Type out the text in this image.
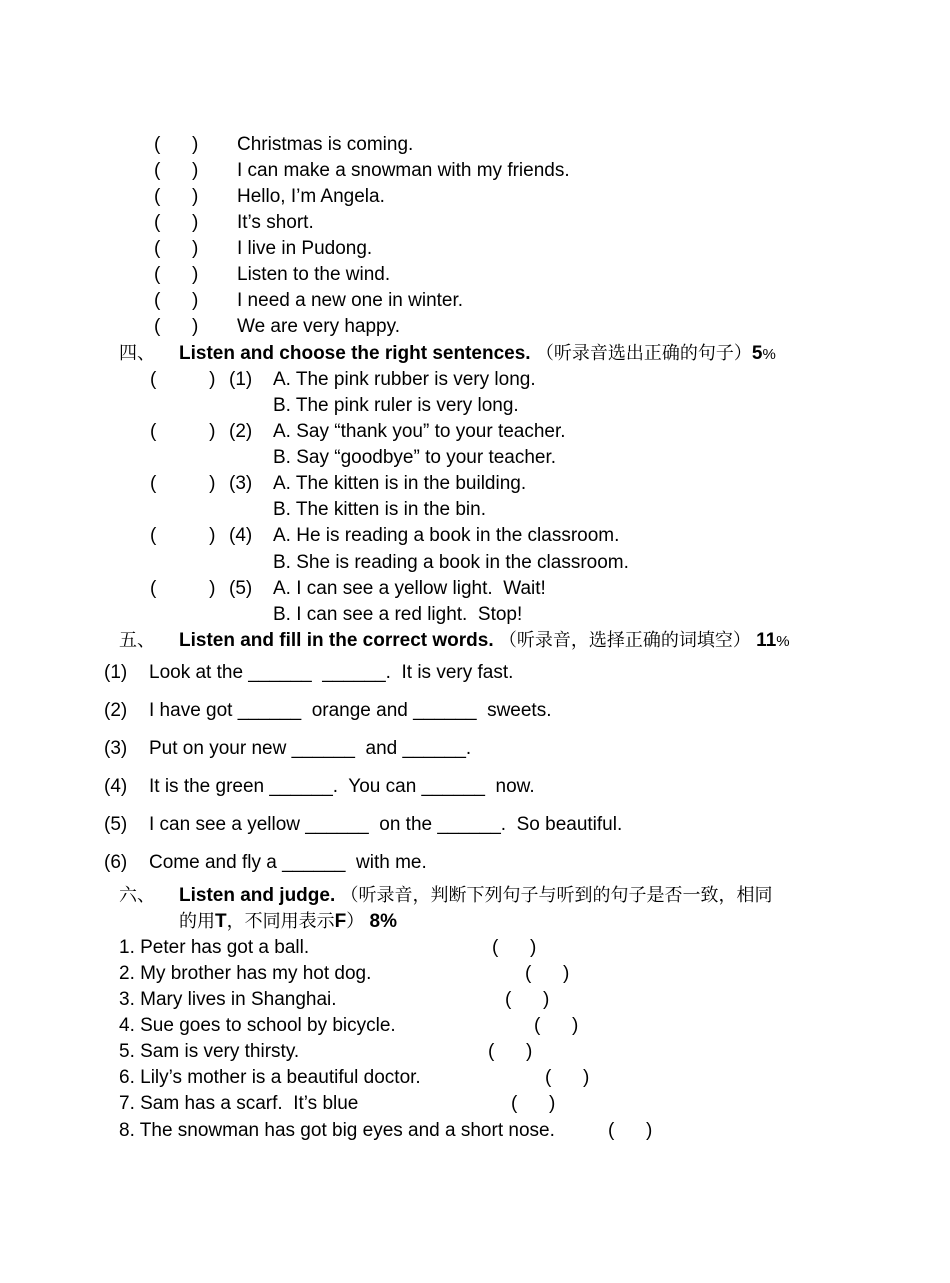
(      ) Christmas is coming.
(      ) I can make a snowman with my friends.
(      ) Hello, I’m Angela.
(      ) It’s short.
(      ) I live in Pudong.
(      ) Listen to the wind.
(      ) I need a new one in winter.
(      ) We are very happy.
四、 Listen and choose the right sentences. （听录音选出正确的句子）5%
(          ) (1) A. The pink rubber is very long.
B. The pink ruler is very long.
(          ) (2) A. Say “thank you” to your teacher.
B. Say “goodbye” to your teacher.
(          ) (3) A. The kitten is in the building.
B. The kitten is in the bin.
(          ) (4) A. He is reading a book in the classroom.
B. She is reading a book in the classroom.
(          ) (5) A. I can see a yellow light.  Wait!
B. I can see a red light.  Stop!
五、 Listen and fill in the correct words. （听录音，选择正确的词填空） 11%
(1) Look at the ______  ______.  It is very fast.
(2) I have got ______  orange and ______  sweets.
(3) Put on your new ______  and ______.
(4) It is the green ______.  You can ______  now.
(5) I can see a yellow ______  on the ______.  So beautiful.
(6) Come and fly a ______  with me.
六、 Listen and judge. （听录音，判断下列句子与听到的句子是否一致，相同
的用T，不同用表示F） 8%
1. Peter has got a ball.	(      )
2. My brother has my hot dog.	(      )
3. Mary lives in Shanghai.	(      )
4. Sue goes to school by bicycle.	(      )
5. Sam is very thirsty.	(      )
6. Lily’s mother is a beautiful doctor.	(      )
7. Sam has a scarf.  It’s blue	(      )
8. The snowman has got big eyes and a short nose.	(      )
